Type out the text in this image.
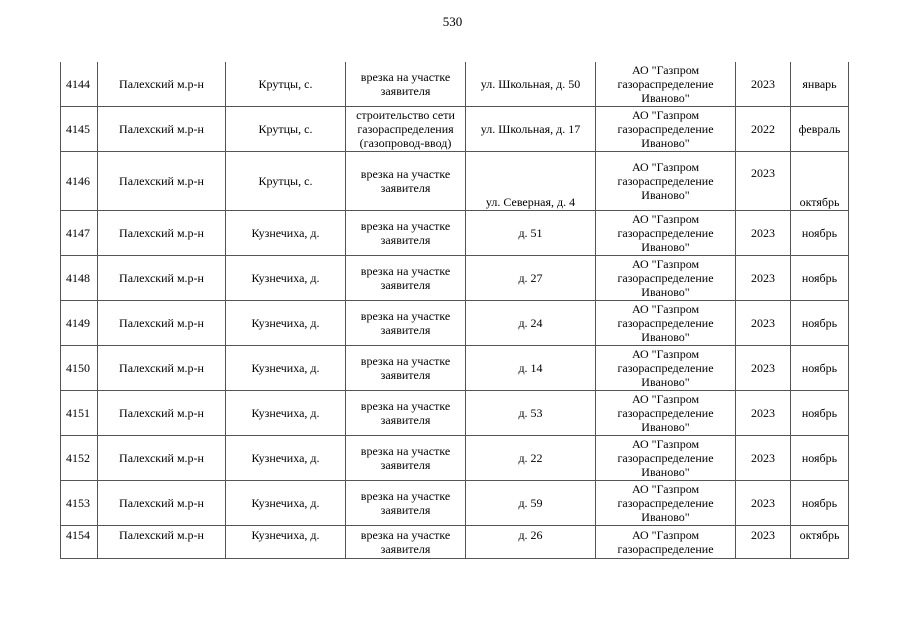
530
4144	Палехский м.р-н	Крутцы, с.	врезка на участке заявителя	ул. Школьная, д. 50	АО "Газпром газораспределение Иваново"	2023	январь
4145	Палехский м.р-н	Крутцы, с.	строительство сети газораспределения (газопровод-ввод)	ул. Школьная, д. 17	АО "Газпром газораспределение Иваново"	2022	февраль
4146	Палехский м.р-н	Крутцы, с.	врезка на участке заявителя	ул. Северная, д. 4	АО "Газпром газораспределение Иваново"	2023	октябрь
4147	Палехский м.р-н	Кузнечиха, д.	врезка на участке заявителя	д. 51	АО "Газпром газораспределение Иваново"	2023	ноябрь
4148	Палехский м.р-н	Кузнечиха, д.	врезка на участке заявителя	д. 27	АО "Газпром газораспределение Иваново"	2023	ноябрь
4149	Палехский м.р-н	Кузнечиха, д.	врезка на участке заявителя	д. 24	АО "Газпром газораспределение Иваново"	2023	ноябрь
4150	Палехский м.р-н	Кузнечиха, д.	врезка на участке заявителя	д. 14	АО "Газпром газораспределение Иваново"	2023	ноябрь
4151	Палехский м.р-н	Кузнечиха, д.	врезка на участке заявителя	д. 53	АО "Газпром газораспределение Иваново"	2023	ноябрь
4152	Палехский м.р-н	Кузнечиха, д.	врезка на участке заявителя	д. 22	АО "Газпром газораспределение Иваново"	2023	ноябрь
4153	Палехский м.р-н	Кузнечиха, д.	врезка на участке заявителя	д. 59	АО "Газпром газораспределение Иваново"	2023	ноябрь
4154	Палехский м.р-н	Кузнечиха, д.	врезка на участке заявителя	д. 26	АО "Газпром газораспределение	2023	октябрь
